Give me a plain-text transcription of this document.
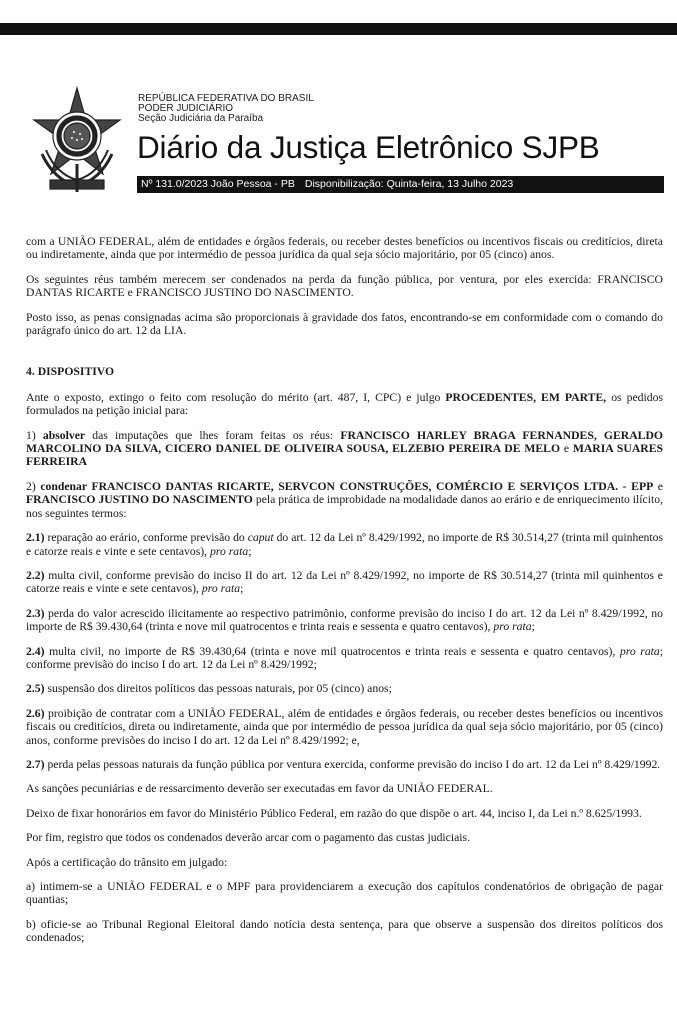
REPÚBLICA FEDERATIVA DO BRASIL
PODER JUDICIÁRIO
Seção Judiciária da Paraíba
Diário da Justiça Eletrônico SJPB
Nº 131.0/2023 João Pessoa - PB Disponibilização: Quinta-feira, 13 Julho 2023

com a UNIÃO FEDERAL, além de entidades e órgãos federais, ou receber destes benefícios ou incentivos fiscais ou creditícios, direta ou indiretamente, ainda que por intermédio de pessoa jurídica da qual seja sócio majoritário, por 05 (cinco) anos.

Os seguintes réus também merecem ser condenados na perda da função pública, por ventura, por eles exercida: FRANCISCO DANTAS RICARTE e FRANCISCO JUSTINO DO NASCIMENTO.

Posto isso, as penas consignadas acima são proporcionais à gravidade dos fatos, encontrando-se em conformidade com o comando do parágrafo único do art. 12 da LIA.

4. DISPOSITIVO

Ante o exposto, extingo o feito com resolução do mérito (art. 487, I, CPC) e julgo PROCEDENTES, EM PARTE, os pedidos formulados na petição inicial para:

1) absolver das imputações que lhes foram feitas os réus: FRANCISCO HARLEY BRAGA FERNANDES, GERALDO MARCOLINO DA SILVA, CICERO DANIEL DE OLIVEIRA SOUSA, ELZEBIO PEREIRA DE MELO e MARIA SUARES FERREIRA

2) condenar FRANCISCO DANTAS RICARTE, SERVCON CONSTRUÇÕES, COMÉRCIO E SERVIÇOS LTDA. - EPP e FRANCISCO JUSTINO DO NASCIMENTO pela prática de improbidade na modalidade danos ao erário e de enriquecimento ilícito, nos seguintes termos:

2.1) reparação ao erário, conforme previsão do caput do art. 12 da Lei nº 8.429/1992, no importe de R$ 30.514,27 (trinta mil quinhentos e catorze reais e vinte e sete centavos), pro rata;

2.2) multa civil, conforme previsão do inciso II do art. 12 da Lei nº 8.429/1992, no importe de R$ 30.514,27 (trinta mil quinhentos e catorze reais e vinte e sete centavos), pro rata;

2.3) perda do valor acrescido ilicitamente ao respectivo patrimônio, conforme previsão do inciso I do art. 12 da Lei nº 8.429/1992, no importe de R$ 39.430,64 (trinta e nove mil quatrocentos e trinta reais e sessenta e quatro centavos), pro rata;

2.4) multa civil, no importe de R$ 39.430,64 (trinta e nove mil quatrocentos e trinta reais e sessenta e quatro centavos), pro rata; conforme previsão do inciso I do art. 12 da Lei nº 8.429/1992;

2.5) suspensão dos direitos políticos das pessoas naturais, por 05 (cinco) anos;

2.6) proibição de contratar com a UNIÃO FEDERAL, além de entidades e órgãos federais, ou receber destes benefícios ou incentivos fiscais ou creditícios, direta ou indiretamente, ainda que por intermédio de pessoa jurídica da qual seja sócio majoritário, por 05 (cinco) anos, conforme previsões do inciso I do art. 12 da Lei nº 8.429/1992; e,

2.7) perda pelas pessoas naturais da função pública por ventura exercida, conforme previsão do inciso I do art. 12 da Lei nº 8.429/1992.

As sanções pecuniárias e de ressarcimento deverão ser executadas em favor da UNIÃO FEDERAL.

Deixo de fixar honorários em favor do Ministério Público Federal, em razão do que dispõe o art. 44, inciso I, da Lei n.º 8.625/1993.

Por fim, registro que todos os condenados deverão arcar com o pagamento das custas judiciais.

Após a certificação do trânsito em julgado:

a) intimem-se a UNIÃO FEDERAL e o MPF para providenciarem a execução dos capítulos condenatórios de obrigação de pagar quantias;

b) oficie-se ao Tribunal Regional Eleitoral dando notícia desta sentença, para que observe a suspensão dos direitos políticos dos condenados;
